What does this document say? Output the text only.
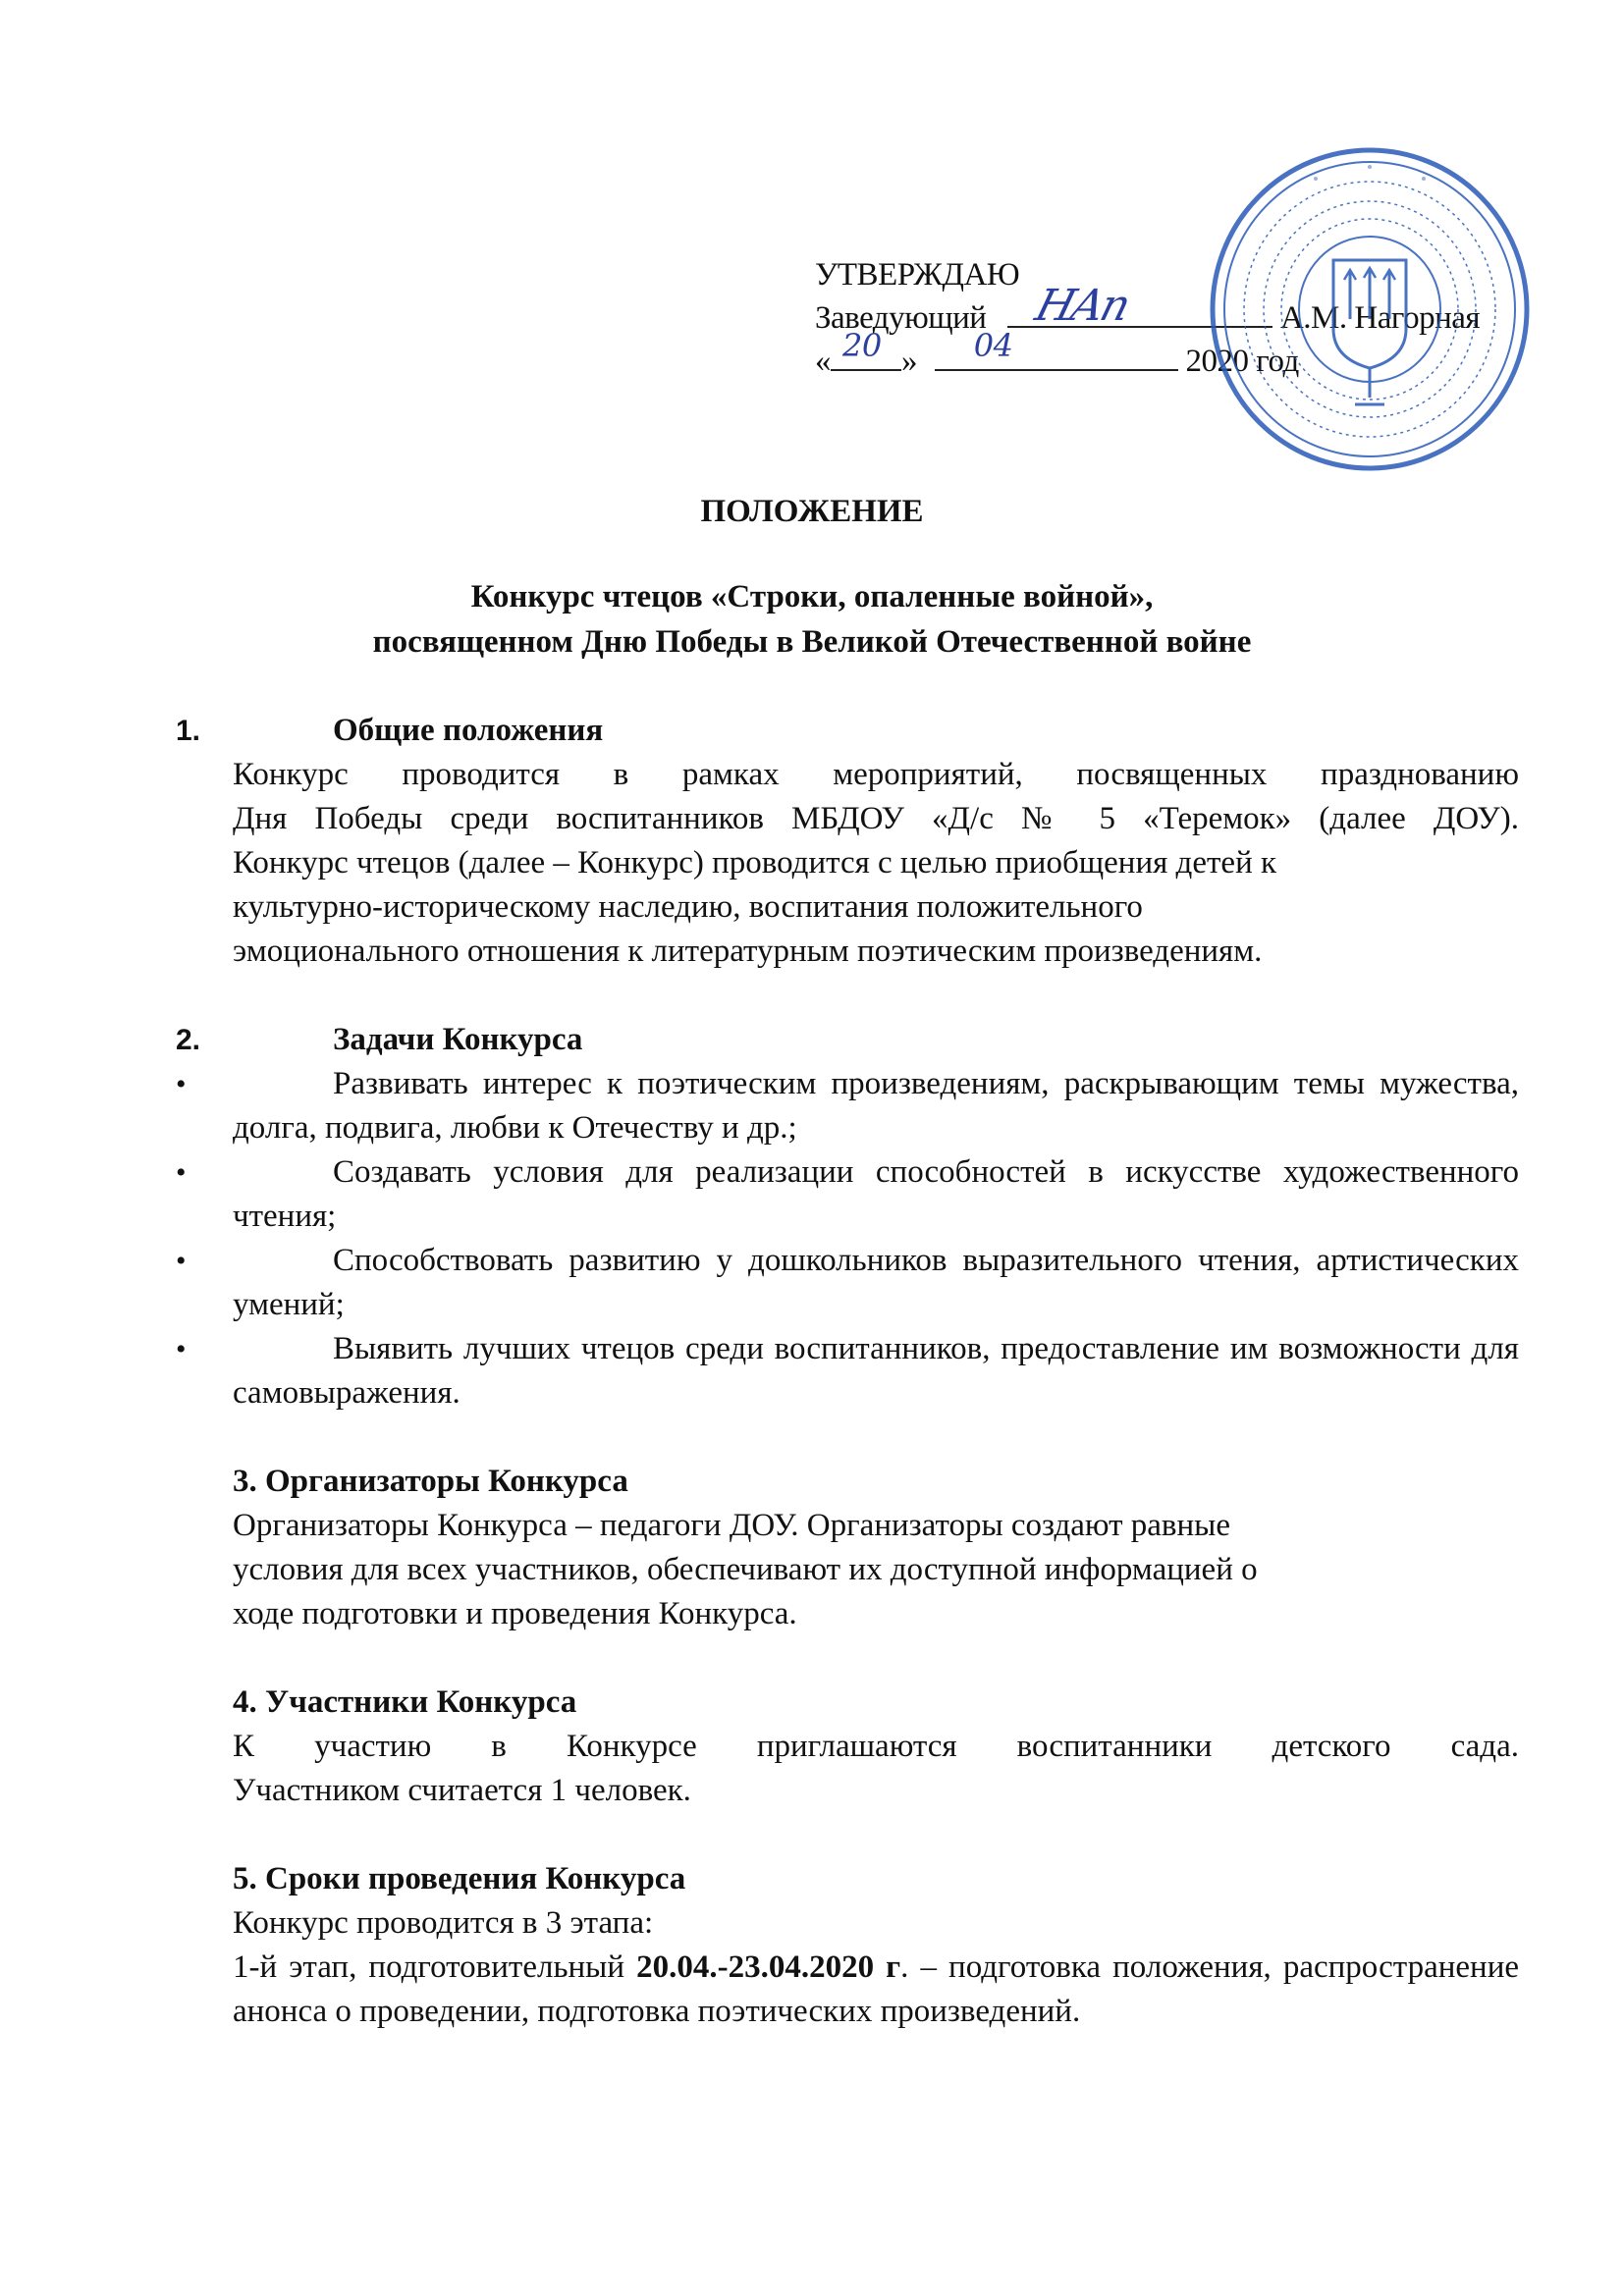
УТВЕРЖДАЮ
Заведующий НАп	А.М. Нагорная
« 20 » 04	2020 год
ПОЛОЖЕНИЕ
Конкурс чтецов «Строки, опаленные войной»,
посвященном Дню Победы в Великой Отечественной войне
1.	Общие положения
Конкурс проводится в рамках мероприятий, посвященных празднованию
Дня Победы среди воспитанников МБДОУ «Д/с № 5 «Теремок» (далее ДОУ).
Конкурс чтецов (далее – Конкурс) проводится с целью приобщения детей к
культурно-историческому наследию, воспитания положительного
эмоционального отношения к литературным поэтическим произведениям.
2.	Задачи Конкурса
•	Развивать интерес к поэтическим произведениям, раскрывающим темы мужества, долга, подвига, любви к Отечеству и др.;
•	Создавать условия для реализации способностей в искусстве художественного чтения;
•	Способствовать развитию у дошкольников выразительного чтения, артистических умений;
•	Выявить лучших чтецов среди воспитанников, предоставление им возможности для самовыражения.
3. Организаторы Конкурса
Организаторы Конкурса – педагоги ДОУ. Организаторы создают равные
условия для всех участников, обеспечивают их доступной информацией о
ходе подготовки и проведения Конкурса.
4. Участники Конкурса
К участию в Конкурсе приглашаются воспитанники детского сада.
Участником считается 1 человек.
5. Сроки проведения Конкурса
Конкурс проводится в 3 этапа:
1-й этап, подготовительный 20.04.-23.04.2020 г. – подготовка положения, распространение анонса о проведении, подготовка поэтических произведений.
